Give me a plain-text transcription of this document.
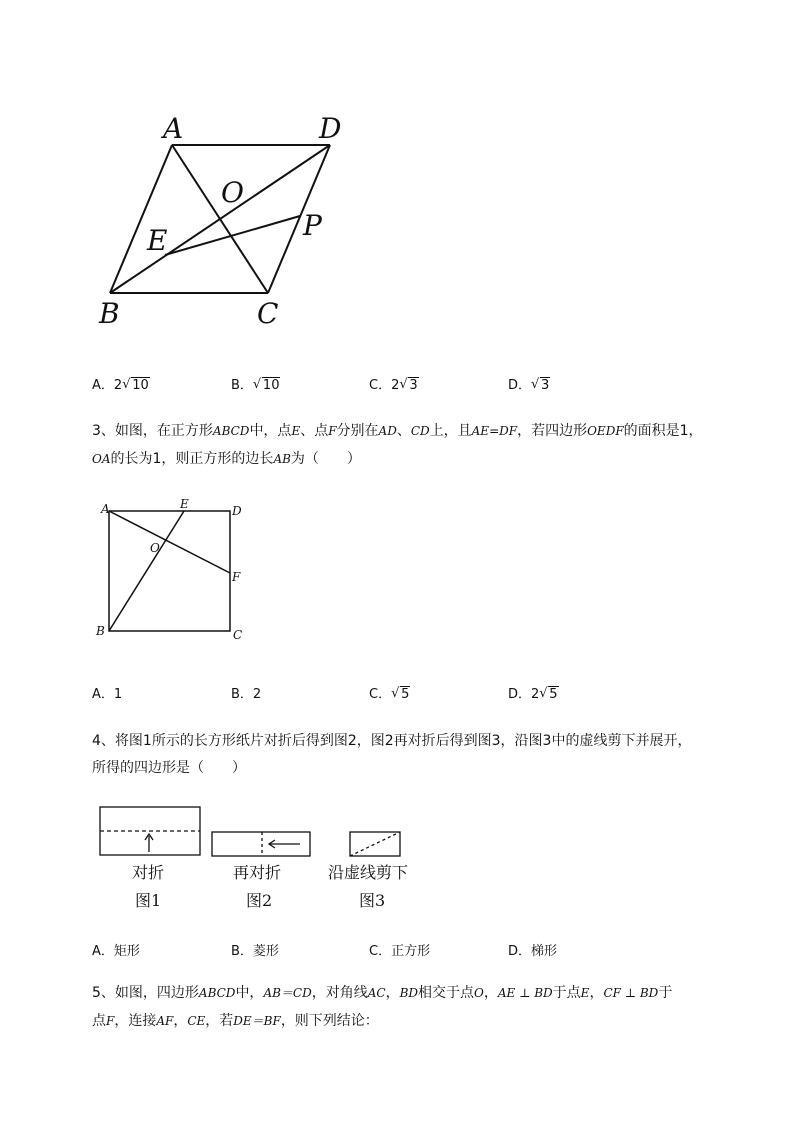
A	D
O
E	P
B	C
A．2 √ 10	B． √ 10	C．2 √ 3	D． √ 3
3、如图，在正方形ABCD中，点E、点F分别在AD、CD上，且AE=DF，若四边形OEDF的面积是1，
OA的长为1，则正方形的边长AB为（　　）
A	E	D
O
F
B	C
A．1	B．2	C． √ 5	D．2 √ 5
4、将图1所示的长方形纸片对折后得到图2，图2再对折后得到图3，沿图3中的虚线剪下并展开，
所得的四边形是（　　）
对折
图1
再对折
图2
沿虚线剪下
图3
A．矩形	B．菱形	C．正方形	D．梯形
5、如图，四边形ABCD中，AB＝CD，对角线AC，BD相交于点O，AE ⊥ BD于点E，CF ⊥ BD于
点F，连接AF，CE，若DE＝BF，则下列结论：
